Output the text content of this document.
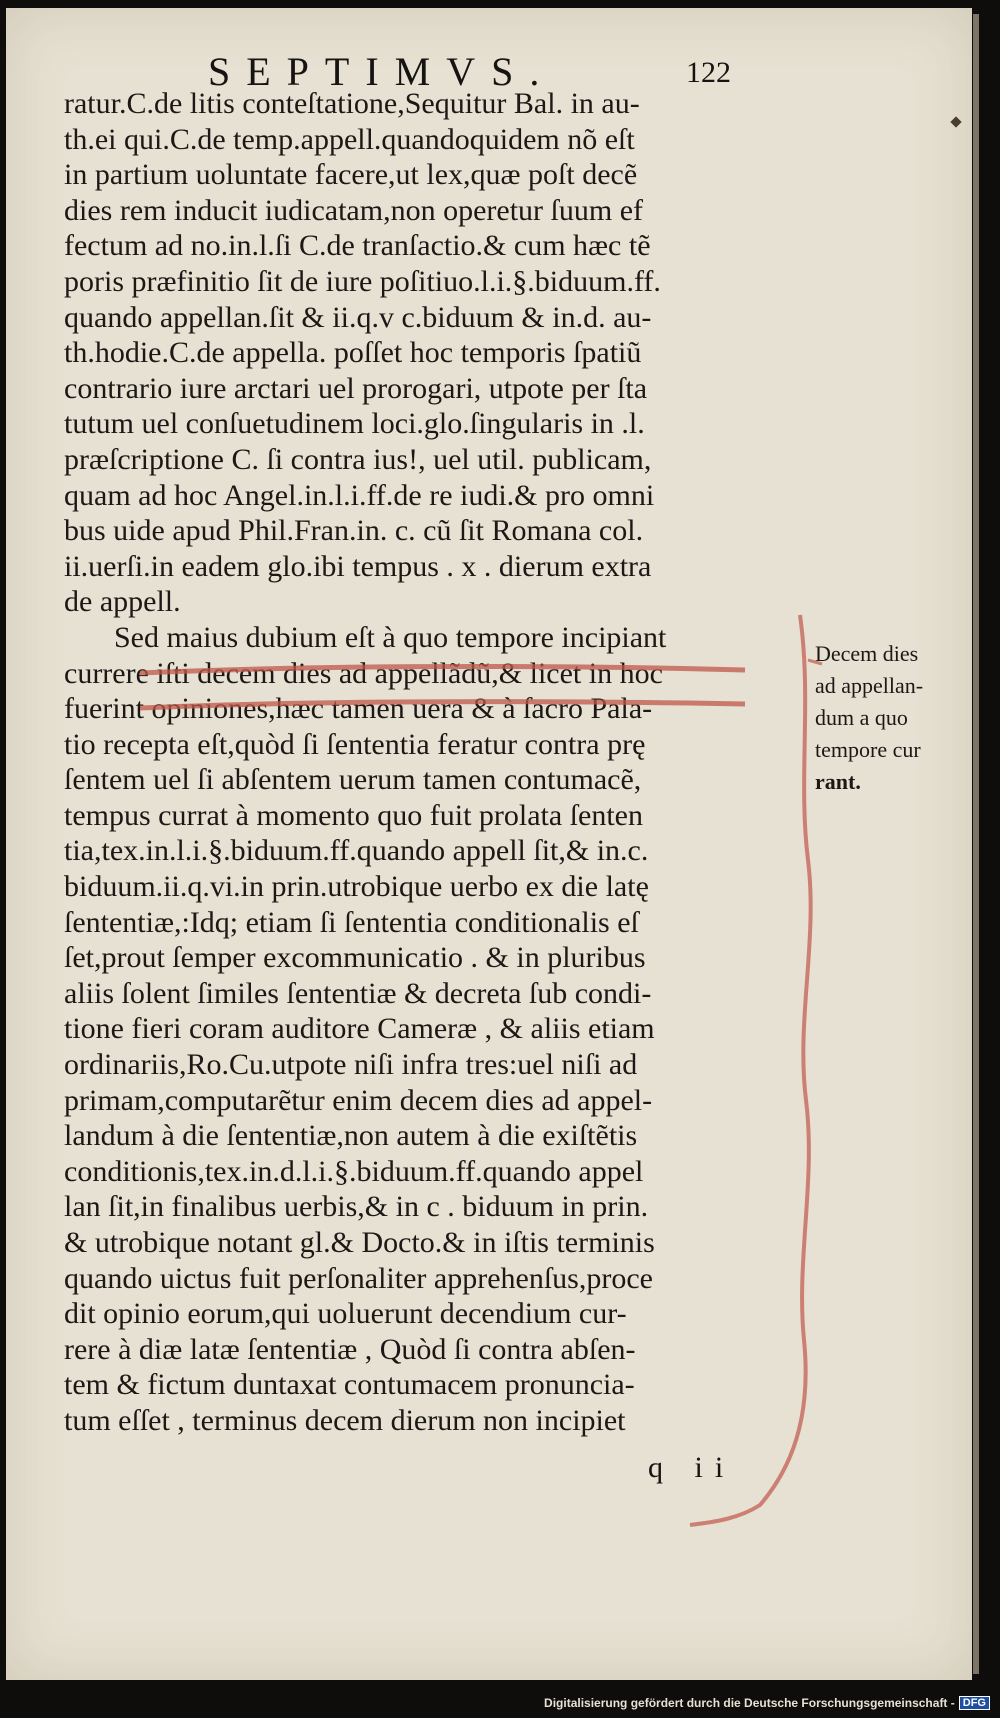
SEPTIMVS.	122
ratur.C.de litis conteſtatione,Sequitur Bal. in au-
th.ei qui.C.de temp.appell.quandoquidem nõ eſt
in partium uoluntate facere,ut lex,quæ poſt decẽ
dies rem inducit iudicatam,non operetur ſuum ef
fectum ad no.in.l.ſi C.de tranſactio.& cum hæc tẽ
poris præfinitio ſit de iure poſitiuo.l.i.§.biduum.ff.
quando appellan.ſit & ii.q.v c.biduum & in.d. au-
th.hodie.C.de appella. poſſet hoc temporis ſpatiũ
contrario iure arctari uel prorogari, utpote per ſta
tutum uel conſuetudinem loci.glo.ſingularis in .l.
præſcriptione C. ſi contra ius!, uel util. publicam,
quam ad hoc Angel.in.l.i.ff.de re iudi.& pro omni
bus uide apud Phil.Fran.in. c. cũ ſit Romana col.
ii.uerſi.in eadem glo.ibi tempus . x . dierum extra
de appell.
Sed maius dubium eſt à quo tempore incipiant
currere iſti decem dies ad appellãdũ,& licet in hoc
fuerint opiniones,hæc tamen uera & à ſacro Pala-
tio recepta eſt,quòd ſi ſententia feratur contra prę
ſentem uel ſi abſentem uerum tamen contumacẽ,
tempus currat à momento quo fuit prolata ſenten
tia,tex.in.l.i.§.biduum.ff.quando appell ſit,& in.c.
biduum.ii.q.vi.in prin.utrobique uerbo ex die latę
ſententiæ,:Idq; etiam ſi ſententia conditionalis eſ
ſet,prout ſemper excommunicatio . & in pluribus
aliis ſolent ſimiles ſententiæ & decreta ſub condi-
tione fieri coram auditore Cameræ , & aliis etiam
ordinariis,Ro.Cu.utpote niſi infra tres:uel niſi ad
primam,computarẽtur enim decem dies ad appel-
landum à die ſententiæ,non autem à die exiſtẽtis
conditionis,tex.in.d.l.i.§.biduum.ff.quando appel
lan ſit,in finalibus uerbis,& in c . biduum in prin.
& utrobique notant gl.& Docto.& in iſtis terminis
quando uictus fuit perſonaliter apprehenſus,proce
dit opinio eorum,qui uoluerunt decendium cur-
rere à diæ latæ ſententiæ , Quòd ſi contra abſen-
tem & fictum duntaxat contumacem pronuncia-
tum eſſet , terminus decem dierum non incipiet
Decem dies
ad appellan-
dum a quo
tempore cur
rant.
q ii
Digitalisierung gefördert durch die Deutsche Forschungsgemeinschaft - DFG
